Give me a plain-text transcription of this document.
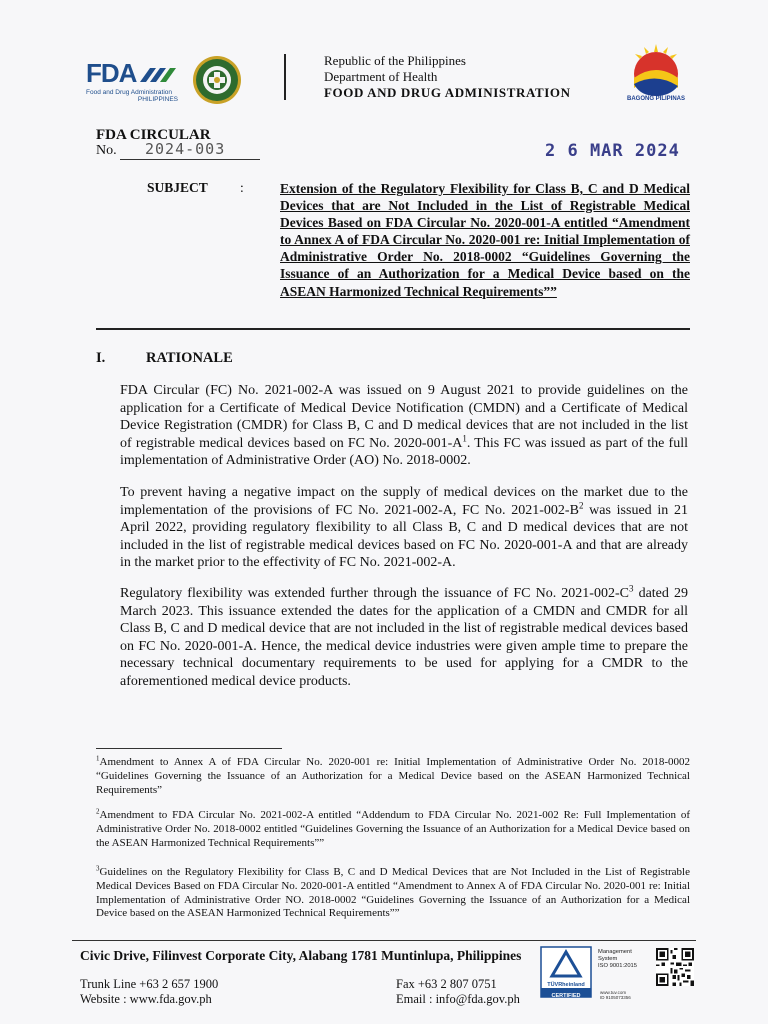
FDA
Food and Drug Administration
PHILIPPINES
Republic of the Philippines
Department of Health
FOOD AND DRUG ADMINISTRATION	BAGONG PILIPINAS
FDA CIRCULAR
No. 2024-003	2 6 MAR 2024
SUBJECT :	Extension of the Regulatory Flexibility for Class B, C and D Medical Devices that are Not Included in the List of Registrable Medical Devices Based on FDA Circular No. 2020-001-A entitled “Amendment to Annex A of FDA Circular No. 2020-001 re: Initial Implementation of Administrative Order No. 2018-0002 “Guidelines Governing the Issuance of an Authorization for a Medical Device based on the ASEAN Harmonized Technical Requirements””
I.	RATIONALE
FDA Circular (FC) No. 2021-002-A was issued on 9 August 2021 to provide guidelines on the application for a Certificate of Medical Device Notification (CMDN) and a Certificate of Medical Device Registration (CMDR) for Class B, C and D medical devices that are not included in the list of registrable medical devices based on FC No. $2020-001-A^1$. This FC was issued as part of the full implementation of Administrative Order (AO) No. 2018-0002.
To prevent having a negative impact on the supply of medical devices on the market due to the implementation of the provisions of FC No. 2021-002-A, FC No. $2021-002-B^2$ was issued in 21 April 2022, providing regulatory flexibility to all Class B, C and D medical devices that are not included in the list of registrable medical devices based on FC No. 2020-001-A and that are already in the market prior to the effectivity of FC No. 2021-002-A.
Regulatory flexibility was extended further through the issuance of FC No. $2021-002-C^3$ dated 29 March 2023. This issuance extended the dates for the application of a CMDN and CMDR for all Class B, C and D medical device that are not included in the list of registrable medical devices based on FC No. 2020-001-A. Hence, the medical device industries were given ample time to prepare the necessary technical documentary requirements to be used for applying for a CMDR to the aforementioned medical device products.
$^1$Amendment to Annex A of FDA Circular No. 2020-001 re: Initial Implementation of Administrative Order No. 2018-0002 “Guidelines Governing the Issuance of an Authorization for a Medical Device based on the ASEAN Harmonized Technical Requirements”
$^2$Amendment to FDA Circular No. 2021-002-A entitled “Addendum to FDA Circular No. 2021-002 Re: Full Implementation of Administrative Order No. 2018-0002 entitled “Guidelines Governing the Issuance of an Authorization for a Medical Device based on the ASEAN Harmonized Technical Requirements””
$^3$Guidelines on the Regulatory Flexibility for Class B, C and D Medical Devices that are Not Included in the List of Registrable Medical Devices Based on FDA Circular No. 2020-001-A entitled “Amendment to Annex A of FDA Circular No. 2020-001 re: Initial Implementation of Administrative Order NO. 2018-0002 “Guidelines Governing the Issuance of an Authorization for a Medical Device based on the ASEAN Harmonized Technical Requirements””
Civic Drive, Filinvest Corporate City, Alabang 1781 Muntinlupa, Philippines
Trunk Line +63 2 657 1900
Website : www.fda.gov.ph
Fax +63 2 807 0751
Email : info@fda.gov.ph
TÜVRheinland
CERTIFIED
Management
System
ISO 9001:2015
www.tuv.com
ID 9105073356
